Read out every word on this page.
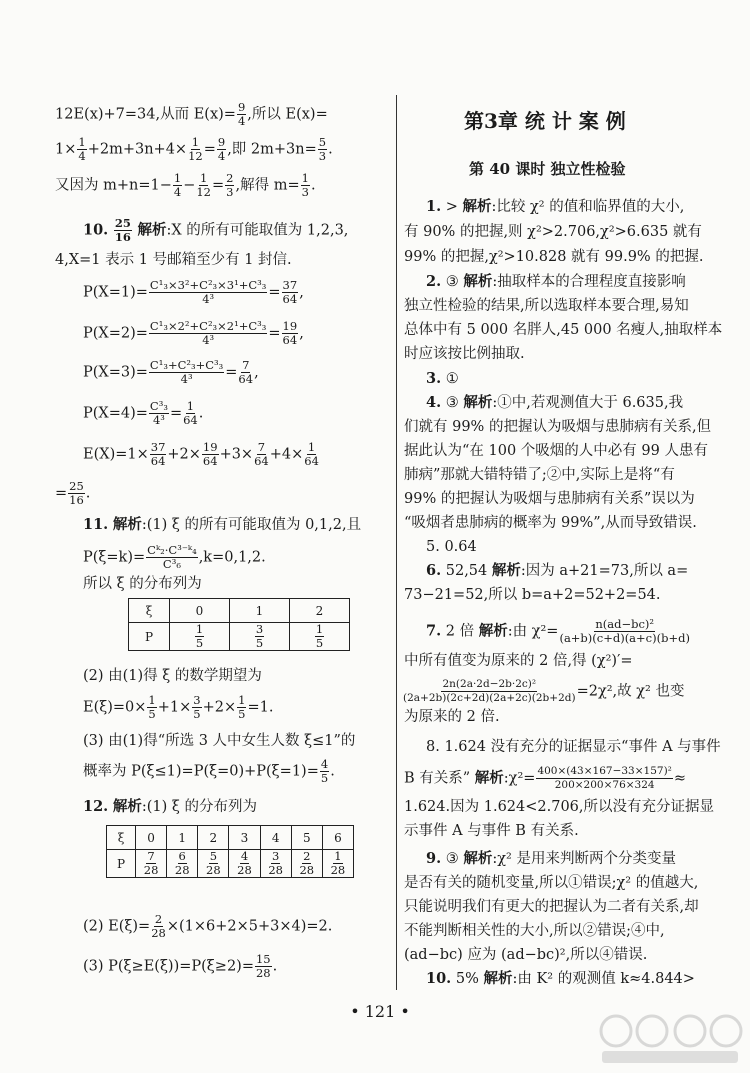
12E(x)+7=34,从而 $E(x)= \frac{9}{4}$ ,所以 E(x)=
$1\times \frac{1}{4} +2m+3n+4\times \frac{1}{12} = \frac{9}{4}$ ,即 $2m+3n= \frac{5}{3}$ .
又因为 $m+n=1- \frac{1}{4} - \frac{1}{12} = \frac{2}{3}$ ,解得 $m= \frac{1}{3}$ .
10. $\frac{25}{16}$ 解析:X 的所有可能取值为 1,2,3,
4,X=1 表示 1 号邮箱至少有 1 封信.
$P(X=1)= \frac{\text{C¹₃×3²+C²₃×3¹+C³₃}}{\text{4³}} = \frac{37}{64}$ ,
$P(X=2)= \frac{\text{C¹₃×2²+C²₃×2¹+C³₃}}{\text{4³}} = \frac{19}{64}$ ,
$P(X=3)= \frac{\text{C¹₃+C²₃+C³₃}}{\text{4³}} = \frac{7}{64}$ ,
$P(X=4)= \frac{\text{C³₃}}{\text{4³}} = \frac{1}{64}$ .
$E(X)=1\times \frac{37}{64} +2\times \frac{19}{64} +3\times \frac{7}{64} +4\times \frac{1}{64}$
= $\frac{25}{16}$ .
11. 解析:(1) ξ 的所有可能取值为 0,1,2,且
$P(\xi=k)= \frac{\text{Cᵏ₂·C³⁻ᵏ₄}}{\text{C³₆}} ,k=0,1,2$.
所以 ξ 的分布列为
ξ	0	1	2
P	$\frac{1}{5}$	$\frac{3}{5}$	$\frac{1}{5}$
(2) 由(1)得 ξ 的数学期望为
$E(\xi)=0\times \frac{1}{5} +1\times \frac{3}{5} +2\times \frac{1}{5} =1$.
(3) 由(1)得“所选 3 人中女生人数 ξ≤1”的
概率为 $P(\xi\le 1)=P(\xi=0)+P(\xi=1)= \frac{4}{5}$ .
12. 解析:(1) ξ 的分布列为
ξ	0	1	2	3	4	5	6
P	$\frac{7}{28}$	$\frac{6}{28}$	$\frac{5}{28}$	$\frac{4}{28}$	$\frac{3}{28}$	$\frac{2}{28}$	$\frac{1}{28}$
(2) $E(\xi)= \frac{2}{28} \times(1\times 6+2\times 5+3\times 4)=2$.
(3) $P(\xi\ge E(\xi))=P(\xi\ge 2)= \frac{15}{28}$ .
第3章 统 计 案 例
第 40 课时 独立性检验
1. > 解析:比较 χ² 的值和临界值的大小,
有 90% 的把握,则 χ²>2.706,χ²>6.635 就有
99% 的把握,χ²>10.828 就有 99.9% 的把握.
2. ③ 解析:抽取样本的合理程度直接影响
独立性检验的结果,所以选取样本要合理,易知
总体中有 5 000 名胖人,45 000 名瘦人,抽取样本
时应该按比例抽取.
3. ①
4. ③ 解析:①中,若观测值大于 6.635,我
们就有 99% 的把握认为吸烟与患肺病有关系,但
据此认为“在 100 个吸烟的人中必有 99 人患有
肺病”那就大错特错了;②中,实际上是将“有
99% 的把握认为吸烟与患肺病有关系”误以为
“吸烟者患肺病的概率为 99%”,从而导致错误.
5. 0.64
6. 52,54 解析:因为 a+21=73,所以 a=
73−21=52,所以 b=a+2=52+2=54.
7. 2 倍 解析:由 $\chi^2= \frac{\text{n(ad−bc)²}}{(a+b)(c+d)(a+c)(b+d)}$
中所有值变为原来的 2 倍,得 (χ²)′=
$\frac{\text{2n(2a·2d−2b·2c)²}}{(2a+2b)(2c+2d)(2a+2c)(2b+2d)} =2\chi^2$,故 χ² 也变
为原来的 2 倍.
8. 1.624 没有充分的证据显示“事件 A 与事件
B 有关系” 解析:χ²= $\frac{\text{400×(43×167−33×157)²}}{200\times 200\times 76\times 324}$ ≈
1.624.因为 1.624<2.706,所以没有充分证据显
示事件 A 与事件 B 有关系.
9. ③ 解析:χ² 是用来判断两个分类变量
是否有关的随机变量,所以①错误;χ² 的值越大,
只能说明我们有更大的把握认为二者有关系,却
不能判断相关性的大小,所以②错误;④中,
(ad−bc) 应为 (ad−bc)²,所以④错误.
10. 5% 解析:由 K² 的观测值 k≈4.844>
• 121 •
